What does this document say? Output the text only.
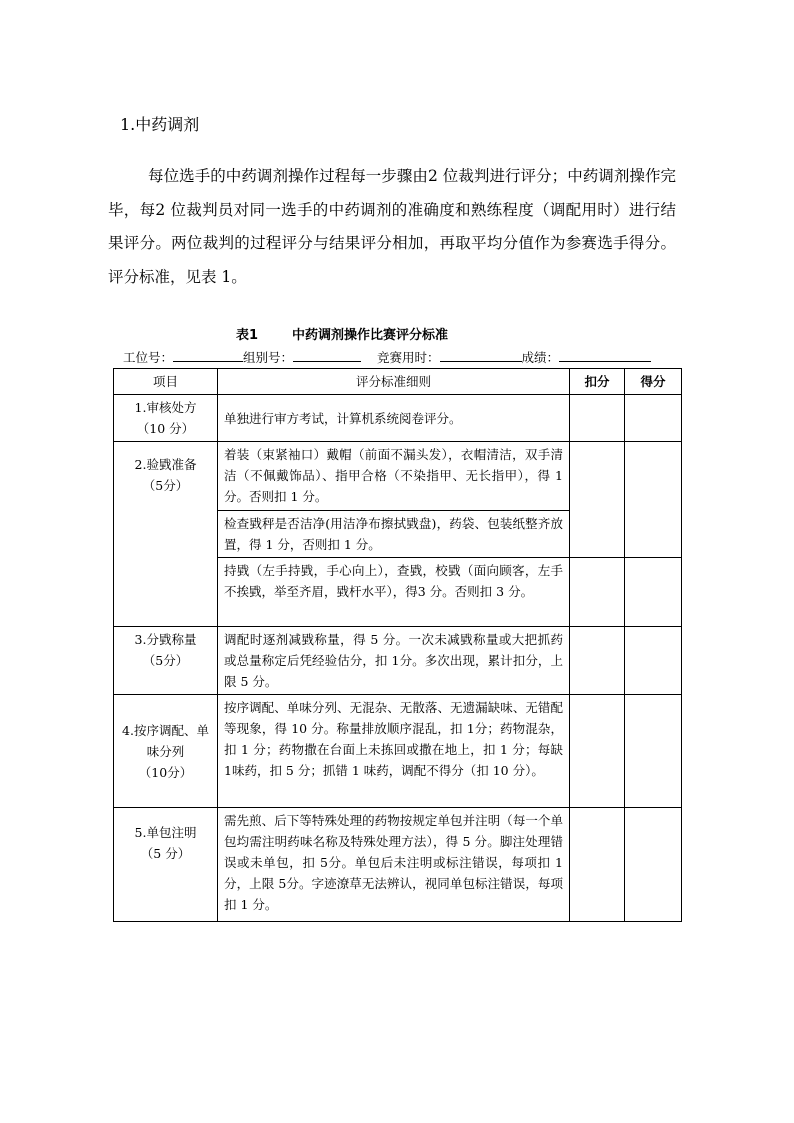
1.中药调剂

每位选手的中药调剂操作过程每一步骤由2 位裁判进行评分；中药调剂操作完毕，每2 位裁判员对同一选手的中药调剂的准确度和熟练程度（调配用时）进行结果评分。两位裁判的过程评分与结果评分相加，再取平均分值作为参赛选手得分。评分标准，见表 1。

表1	中药调剂操作比赛评分标准
工位号：	组别号：	竞赛用时：	成绩：
项目	评分标准细则	扣分	得分

1.审核处方
（10 分）	单独进行审方考试，计算机系统阅卷评分。		

2.验戥准备
（5分）	着装（束紧袖口）戴帽（前面不漏头发），衣帽清洁，双手清洁（不佩戴饰品）、指甲合格（不染指甲、无长指甲），得 1 分。否则扣 1 分。		
	检查戥秤是否洁净(用洁净布擦拭戥盘)，药袋、包装纸整齐放置，得 1 分，否则扣 1 分。		
	持戥（左手持戥，手心向上），查戥，校戥（面向顾客，左手不挨戥，举至齐眉，戥杆水平），得3 分。否则扣 3 分。		

3.分戥称量
（5分）	调配时逐剂减戥称量，得 5 分。一次未减戥称量或大把抓药或总量称定后凭经验估分，扣 1分。多次出现，累计扣分，上限 5 分。		

4.按序调配、单味分列
（10分）	按序调配、单味分列、无混杂、无散落、无遗漏缺味、无错配等现象，得 10 分。称量排放顺序混乱，扣 1分；药物混杂，扣 1 分；药物撒在台面上未拣回或撒在地上，扣 1 分；每缺1味药，扣 5 分；抓错 1 味药，调配不得分（扣 10 分）。		

5.单包注明
（5 分）	需先煎、后下等特殊处理的药物按规定单包并注明（每一个单包均需注明药味名称及特殊处理方法），得 5 分。脚注处理错误或未单包，扣 5分。单包后未注明或标注错误，每项扣 1 分，上限 5分。字迹潦草无法辨认，视同单包标注错误，每项扣 1 分。		
